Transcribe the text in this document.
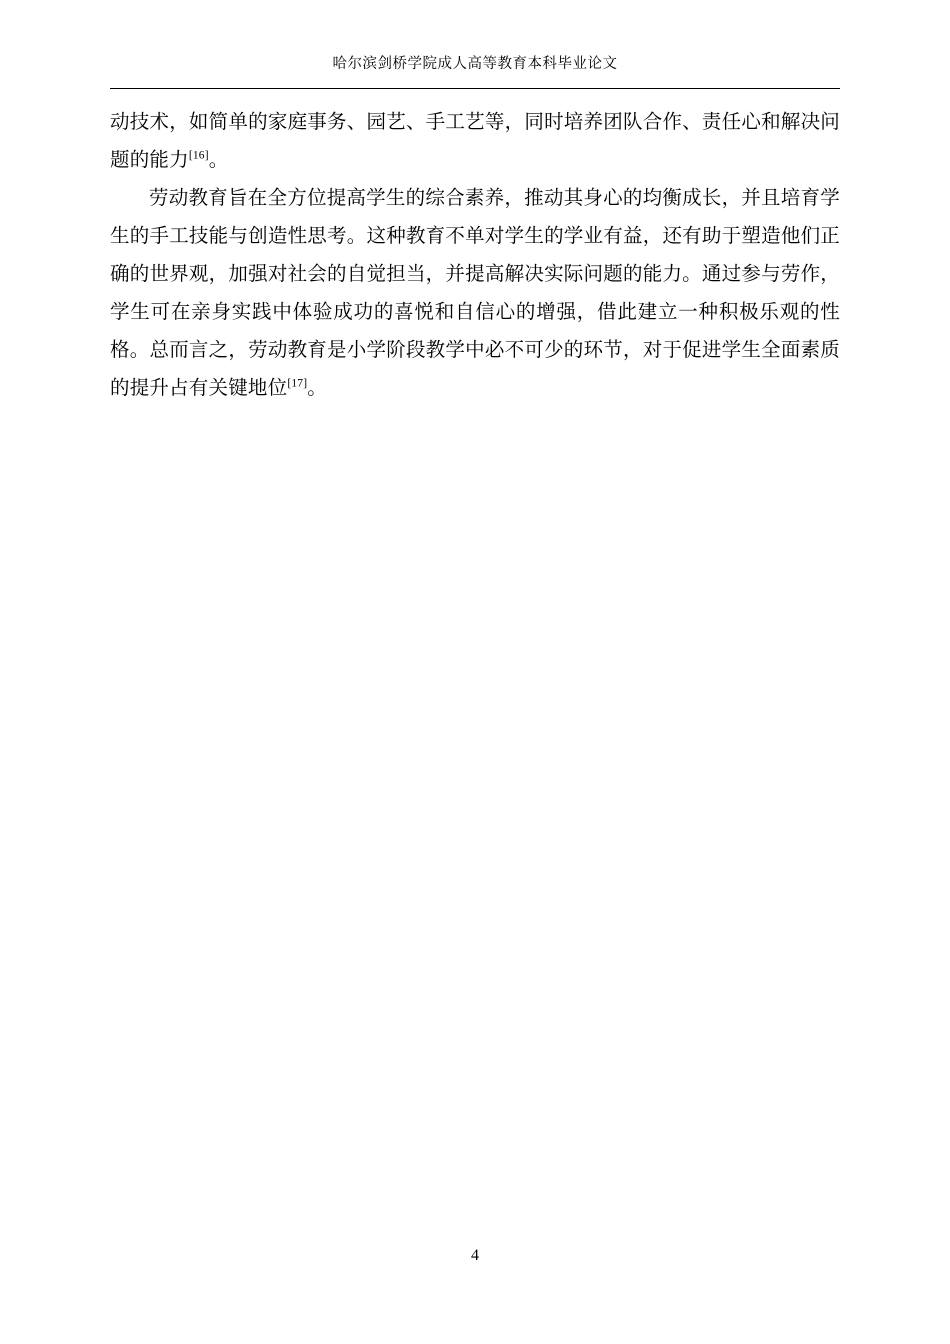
哈尔滨剑桥学院成人高等教育本科毕业论文

动技术，如简单的家庭事务、园艺、手工艺等，同时培养团队合作、责任心和解决问题的能力[16]。

劳动教育旨在全方位提高学生的综合素养，推动其身心的均衡成长，并且培育学生的手工技能与创造性思考。这种教育不单对学生的学业有益，还有助于塑造他们正确的世界观，加强对社会的自觉担当，并提高解决实际问题的能力。通过参与劳作，学生可在亲身实践中体验成功的喜悦和自信心的增强，借此建立一种积极乐观的性格。总而言之，劳动教育是小学阶段教学中必不可少的环节，对于促进学生全面素质的提升占有关键地位[17]。

4
